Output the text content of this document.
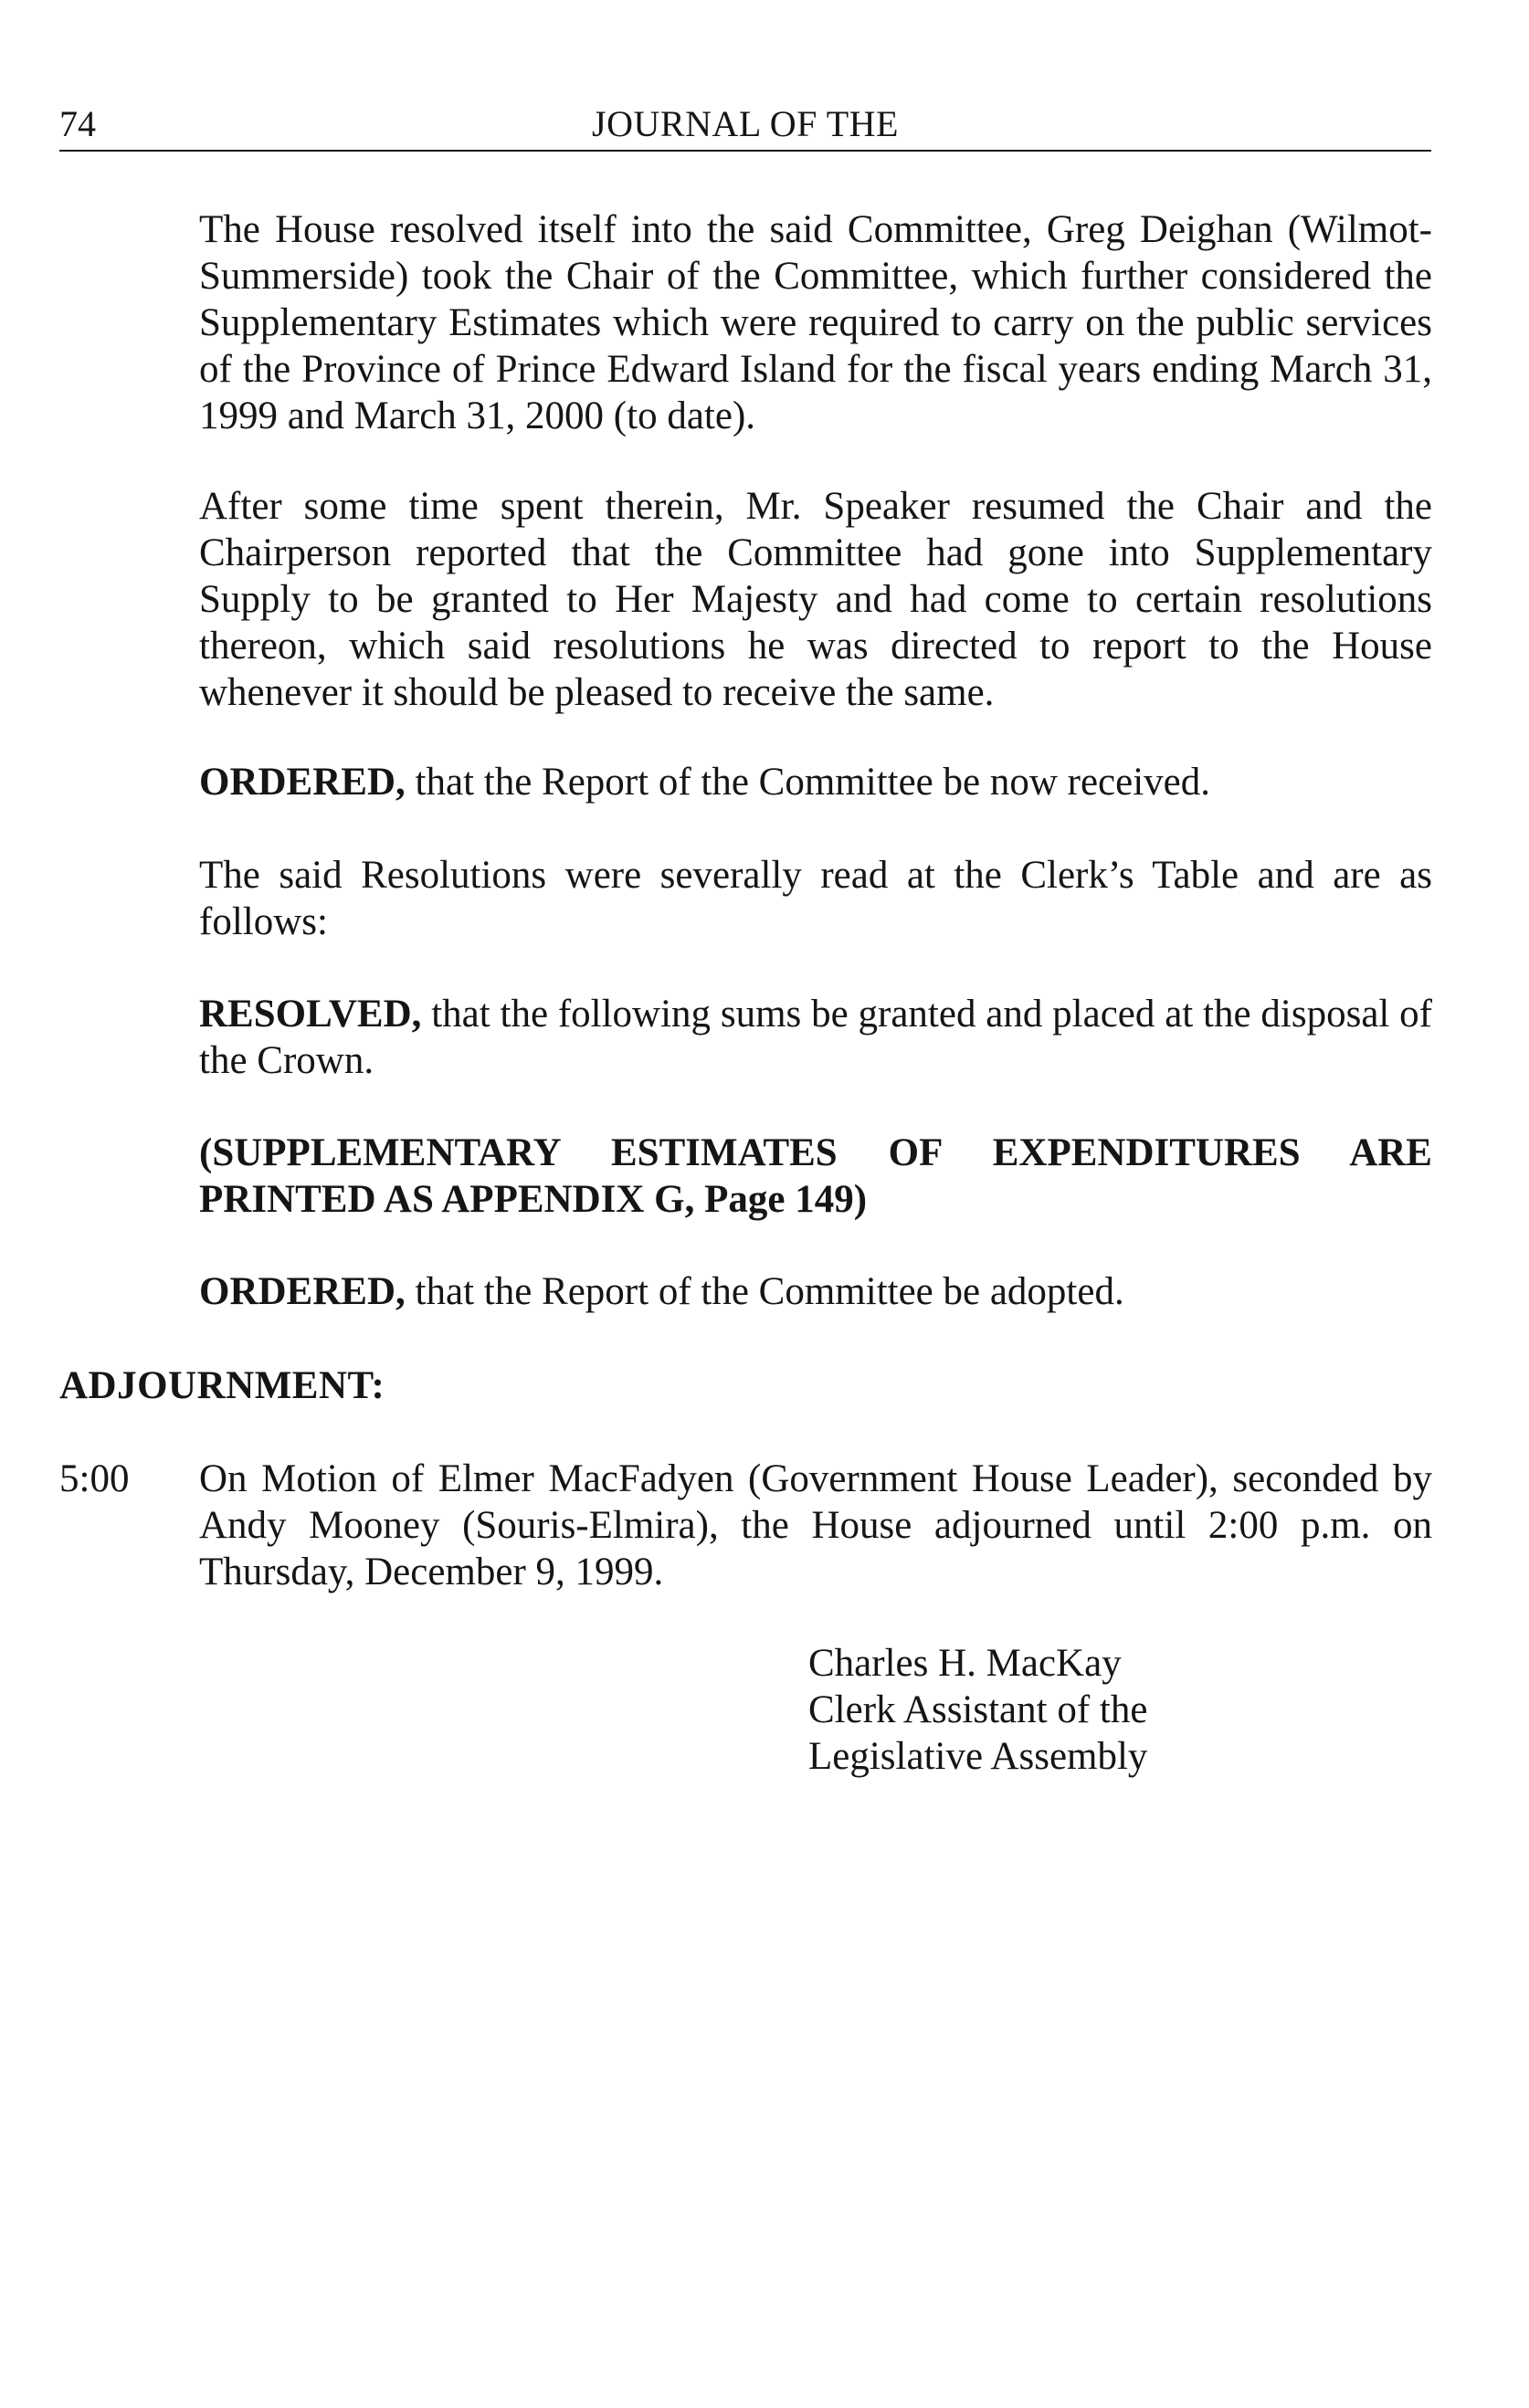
74	JOURNAL OF THE

The House resolved itself into the said Committee, Greg Deighan (Wilmot-Summerside) took the Chair of the Committee, which further considered the Supplementary Estimates which were required to carry on the public services of the Province of Prince Edward Island for the fiscal years ending March 31, 1999 and March 31, 2000 (to date).

After some time spent therein, Mr. Speaker resumed the Chair and the Chairperson reported that the Committee had gone into Supplementary Supply to be granted to Her Majesty and had come to certain resolutions thereon, which said resolutions he was directed to report to the House whenever it should be pleased to receive the same.

ORDERED, that the Report of the Committee be now received.

The said Resolutions were severally read at the Clerk’s Table and are as follows:

RESOLVED, that the following sums be granted and placed at the disposal of the Crown.

(SUPPLEMENTARY ESTIMATES OF EXPENDITURES ARE PRINTED AS APPENDIX G, Page 149)

ORDERED, that the Report of the Committee be adopted.

ADJOURNMENT:

5:00 On Motion of Elmer MacFadyen (Government House Leader), seconded by Andy Mooney (Souris-Elmira), the House adjourned until 2:00 p.m. on Thursday, December 9, 1999.

Charles H. MacKay
Clerk Assistant of the
Legislative Assembly
